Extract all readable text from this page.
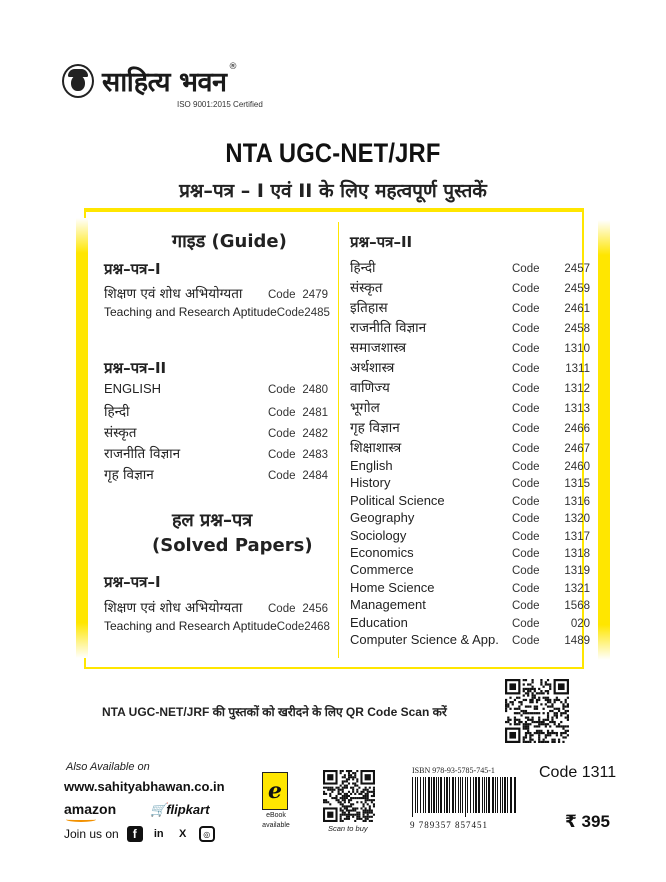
साहित्य भवन ®
ISO 9001:2015 Certified
NTA UGC-NET/JRF
प्रश्न–पत्र – I एवं II के लिए महत्वपूर्ण पुस्तकें
गाइड (Guide)
प्रश्न–पत्र–I
शिक्षण एवं शोध अभियोग्यता	Code 2479
Teaching and Research Aptitude Code 2485
प्रश्न–पत्र–II
ENGLISH	Code 2480
हिन्दी	Code 2481
संस्कृत	Code 2482
राजनीति विज्ञान	Code 2483
गृह विज्ञान	Code 2484
हल प्रश्न–पत्र
(Solved Papers)
प्रश्न–पत्र–I
शिक्षण एवं शोध अभियोग्यता	Code 2456
Teaching and Research Aptitude Code 2468
प्रश्न–पत्र–II
हिन्दी	Code	2457
संस्कृत	Code	2459
इतिहास	Code	2461
राजनीति विज्ञान	Code	2458
समाजशास्त्र	Code	1310
अर्थशास्त्र	Code	1311
वाणिज्य	Code	1312
भूगोल	Code	1313
गृह विज्ञान	Code	2466
शिक्षाशास्त्र	Code	2467
English	Code	2460
History	Code	1315
Political Science	Code	1316
Geography	Code	1320
Sociology	Code	1317
Economics	Code	1318
Commerce	Code	1319
Home Science	Code	1321
Management	Code	1568
Education	Code	020
Computer Science & App.	Code	1489
NTA UGC-NET/JRF की पुस्तकों को खरीदने के लिए QR Code Scan करें
Also Available on
www.sahityabhawan.co.in
amazon	🛒flipkart
Join us on	f	in	X	◎
e
eBook
available	Scan to buy
ISBN 978-93-5785-745-1
9 789357 857451
Code 1311
₹ 395
